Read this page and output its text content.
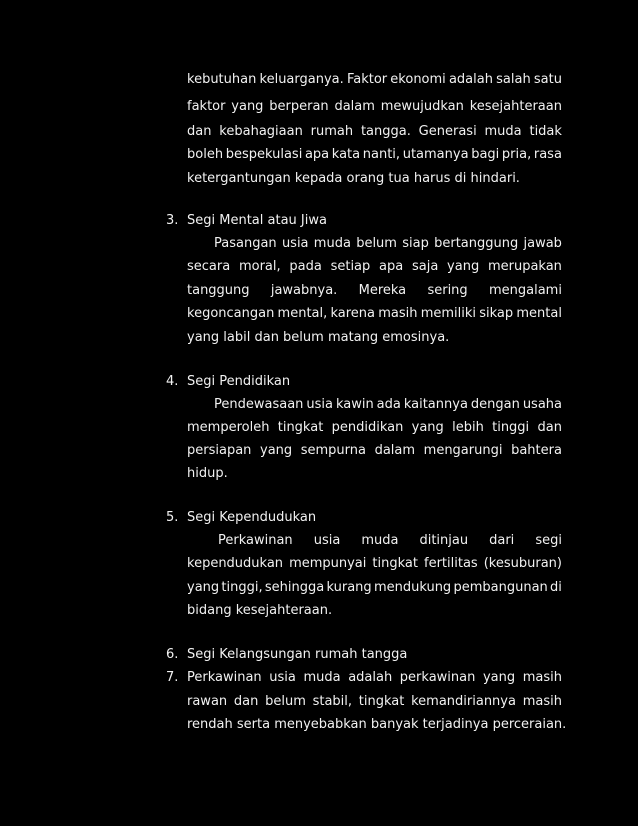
kebutuhan keluarganya. Faktor ekonomi adalah salah satu
faktor yang berperan dalam mewujudkan kesejahteraan
dan kebahagiaan rumah tangga. Generasi muda tidak
boleh bespekulasi apa kata nanti, utamanya bagi pria, rasa
ketergantungan kepada orang tua harus di hindari.
3. Segi Mental atau Jiwa
Pasangan usia muda belum siap bertanggung jawab
secara moral, pada setiap apa saja yang merupakan
tanggung jawabnya. Mereka sering mengalami
kegoncangan mental, karena masih memiliki sikap mental
yang labil dan belum matang emosinya.
4. Segi Pendidikan
Pendewasaan usia kawin ada kaitannya dengan usaha
memperoleh tingkat pendidikan yang lebih tinggi dan
persiapan yang sempurna dalam mengarungi bahtera
hidup.
5. Segi Kependudukan
Perkawinan usia muda ditinjau dari segi
kependudukan mempunyai tingkat fertilitas (kesuburan)
yang tinggi, sehingga kurang mendukung pembangunan di
bidang kesejahteraan.
6. Segi Kelangsungan rumah tangga
7. Perkawinan usia muda adalah perkawinan yang masih
rawan dan belum stabil, tingkat kemandiriannya masih
rendah serta menyebabkan banyak terjadinya perceraian.
